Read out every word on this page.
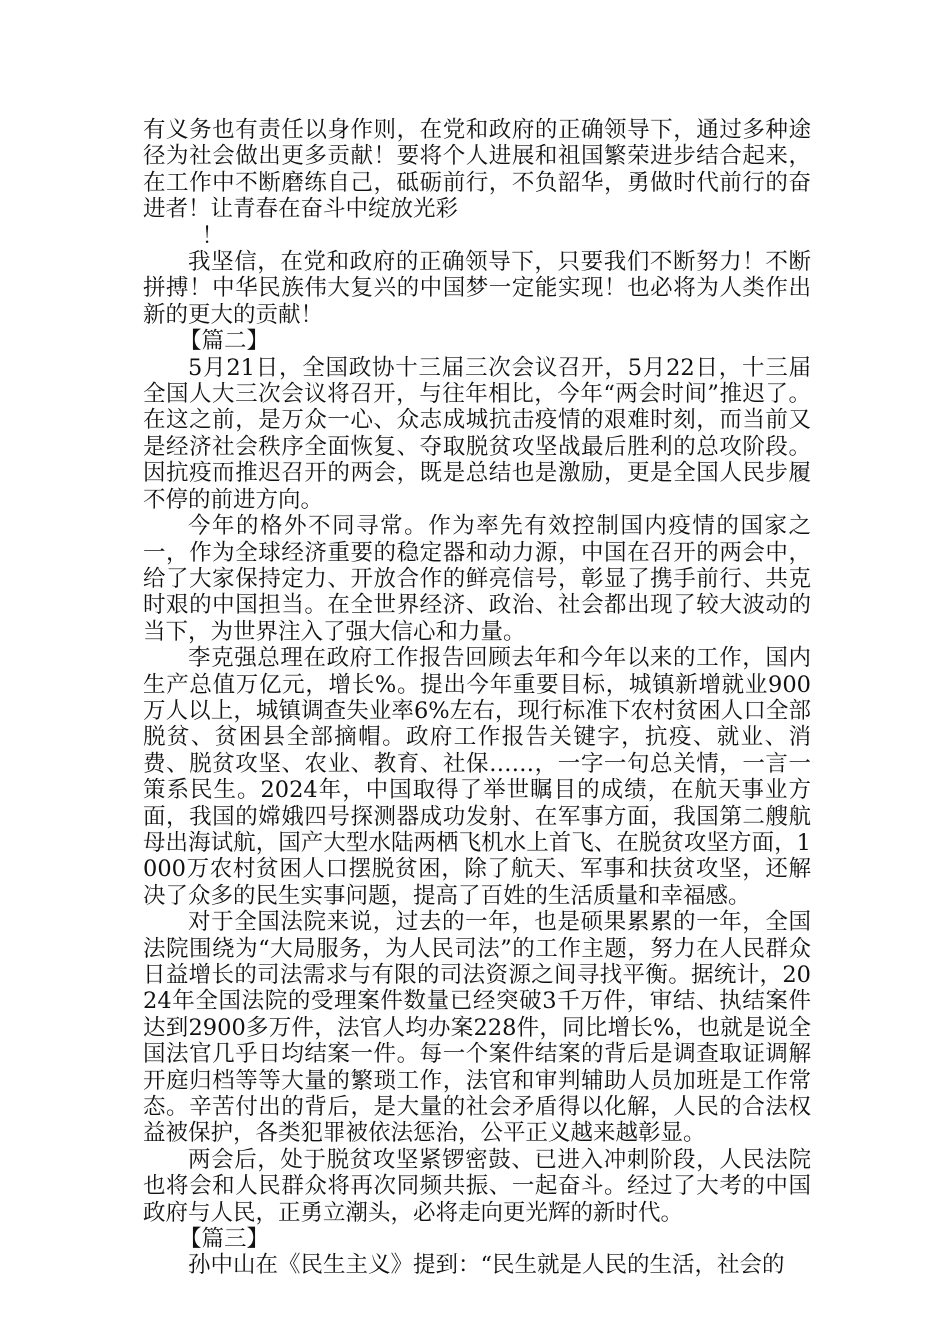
有义务也有责任以身作则，在党和政府的正确领导下，通过多种途径为社会做出更多贡献！要将个人进展和祖国繁荣进步结合起来，在工作中不断磨练自己，砥砺前行，不负韶华，勇做时代前行的奋进者！让青春在奋斗中绽放光彩

！

我坚信，在党和政府的正确领导下，只要我们不断努力！不断拼搏！中华民族伟大复兴的中国梦一定能实现！也必将为人类作出新的更大的贡献！

【篇二】

5月21日，全国政协十三届三次会议召开，5月22日，十三届全国人大三次会议将召开，与往年相比，今年“两会时间”推迟了。在这之前，是万众一心、众志成城抗击疫情的艰难时刻，而当前又是经济社会秩序全面恢复、夺取脱贫攻坚战最后胜利的总攻阶段。因抗疫而推迟召开的两会，既是总结也是激励，更是全国人民步履不停的前进方向。

今年的格外不同寻常。作为率先有效控制国内疫情的国家之一，作为全球经济重要的稳定器和动力源，中国在召开的两会中，给了大家保持定力、开放合作的鲜亮信号，彰显了携手前行、共克时艰的中国担当。在全世界经济、政治、社会都出现了较大波动的当下，为世界注入了强大信心和力量。

李克强总理在政府工作报告回顾去年和今年以来的工作，国内生产总值万亿元，增长%。提出今年重要目标，城镇新增就业900万人以上，城镇调查失业率6%左右，现行标准下农村贫困人口全部脱贫、贫困县全部摘帽。政府工作报告关键字，抗疫、就业、消费、脱贫攻坚、农业、教育、社保……，一字一句总关情，一言一策系民生。2024年，中国取得了举世瞩目的成绩，在航天事业方面，我国的嫦娥四号探测器成功发射、在军事方面，我国第二艘航母出海试航，国产大型水陆两栖飞机水上首飞、在脱贫攻坚方面，1000万农村贫困人口摆脱贫困，除了航天、军事和扶贫攻坚，还解决了众多的民生实事问题，提高了百姓的生活质量和幸福感。

对于全国法院来说，过去的一年，也是硕果累累的一年，全国法院围绕为“大局服务，为人民司法”的工作主题，努力在人民群众日益增长的司法需求与有限的司法资源之间寻找平衡。据统计，2024年全国法院的受理案件数量已经突破3千万件，审结、执结案件达到2900多万件，法官人均办案228件，同比增长%，也就是说全国法官几乎日均结案一件。每一个案件结案的背后是调查取证调解开庭归档等等大量的繁琐工作，法官和审判辅助人员加班是工作常态。辛苦付出的背后，是大量的社会矛盾得以化解，人民的合法权益被保护，各类犯罪被依法惩治，公平正义越来越彰显。

两会后，处于脱贫攻坚紧锣密鼓、已进入冲刺阶段，人民法院也将会和人民群众将再次同频共振、一起奋斗。经过了大考的中国政府与人民，正勇立潮头，必将走向更光辉的新时代。

【篇三】

孙中山在《民生主义》提到：“民生就是人民的生活，社会的
